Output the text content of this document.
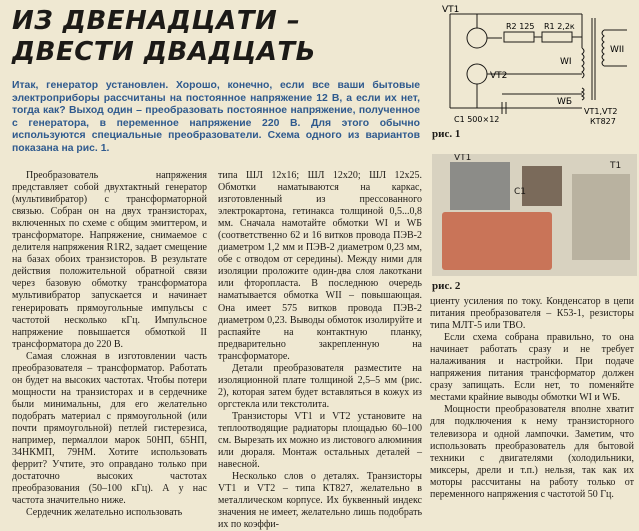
ИЗ ДВЕНАДЦАТИ –
ДВЕСТИ ДВАДЦАТЬ
Итак, генератор установлен. Хорошо, конечно, если все ваши бытовые электроприборы рассчитаны на постоянное напряжение 12 В, а если их нет, тогда как? Выход один – преобразовать постоянное напряжение, полученное с генератора, в переменное напряжение 220 В. Для этого обычно используются специальные преобразователи. Схема одного из вариантов показана на рис. 1.

Преобразователь напряжения представляет собой двухтактный генератор (мультивибратор) с трансформаторной связью. Собран он на двух транзисторах, включенных по схеме с общим эмиттером, и трансформаторе. Напряжение, снимаемое с делителя напряжения R1R2, задает смещение на базах обоих транзисторов. В результате действия положительной обратной связи через базовую обмотку трансформатора мультивибратор запускается и начинает генерировать прямоугольные импульсы с частотой несколько кГц. Импульсное напряжение повышается обмоткой II трансформатора до 220 В.

Самая сложная в изготовлении часть преобразователя – трансформатор. Работать он будет на высоких частотах. Чтобы потери мощности на транзисторах и в сердечнике были минимальны, для его желательно подобрать материал с прямоугольной (или почти прямоугольной) петлей гистерезиса, например, пермаллои марок 50НП, 65НП, 34НКМП, 79НМ. Хотите использовать феррит? Учтите, это оправдано только при достаточно высоких частотах преобразования (50–100 кГц). А у нас частота значительно ниже.

Сердечник желательно использовать

типа ШЛ 12х16; ШЛ 12х20; ШЛ 12х25. Обмотки наматываются на каркас, изготовленный из прессованного электрокартона, гетинакса толщиной 0,5...0,8 мм. Сначала намотайте обмотки WI и WБ (соответственно 62 и 16 витков провода ПЭВ-2 диаметром 1,2 мм и ПЭВ-2 диаметром 0,23 мм, обе с отводом от середины). Между ними для изоляции проложите один-два слоя лакоткани или фторопласта. В последнюю очередь наматывается обмотка WII – повышающая. Она имеет 575 витков провода ПЭВ-2 диаметром 0,23. Выводы обмоток изолируйте и распаяйте на контактную планку, предварительно закрепленную на трансформаторе.

Детали преобразователя разместите на изоляционной плате толщиной 2,5–5 мм (рис. 2), которая затем будет вставляться в кожух из оргстекла или текстолита.

Транзисторы VT1 и VT2 установите на теплоотводящие радиаторы площадью 60–100 см. Вырезать их можно из листового алюминия или дюраля. Монтаж остальных деталей – навесной.

Несколько слов о деталях. Транзисторы VT1 и VT2 – типа КТ827, желательно в металлическом корпусе. Их буквенный индекс значения не имеет, желательно лишь подобрать их по коэффи-

циенту усиления по току. Конденсатор в цепи питания преобразователя – К53-1, резисторы типа МЛТ-5 или ТВО.

Если схема собрана правильно, то она начинает работать сразу и не требует налаживания и настройки. При подаче напряжения питания трансформатор должен сразу запищать. Если нет, то поменяйте местами крайние выводы обмотки WI и WБ.

Мощности преобразователя вполне хватит для подключения к нему транзисторного телевизора и одной лампочки. Заметим, что использовать преобразователь для бытовой техники с двигателями (холодильники, миксеры, дрели и т.п.) нельзя, так как их моторы рассчитаны на работу только от переменного напряжения с частотой 50 Гц.

VT1
VT2
R2 125 R1 2,2к
WI
WII
WБ
C1 500×12
VT1,VT2
КТ827
рис. 1
VT1
T1
C1
рис. 2
